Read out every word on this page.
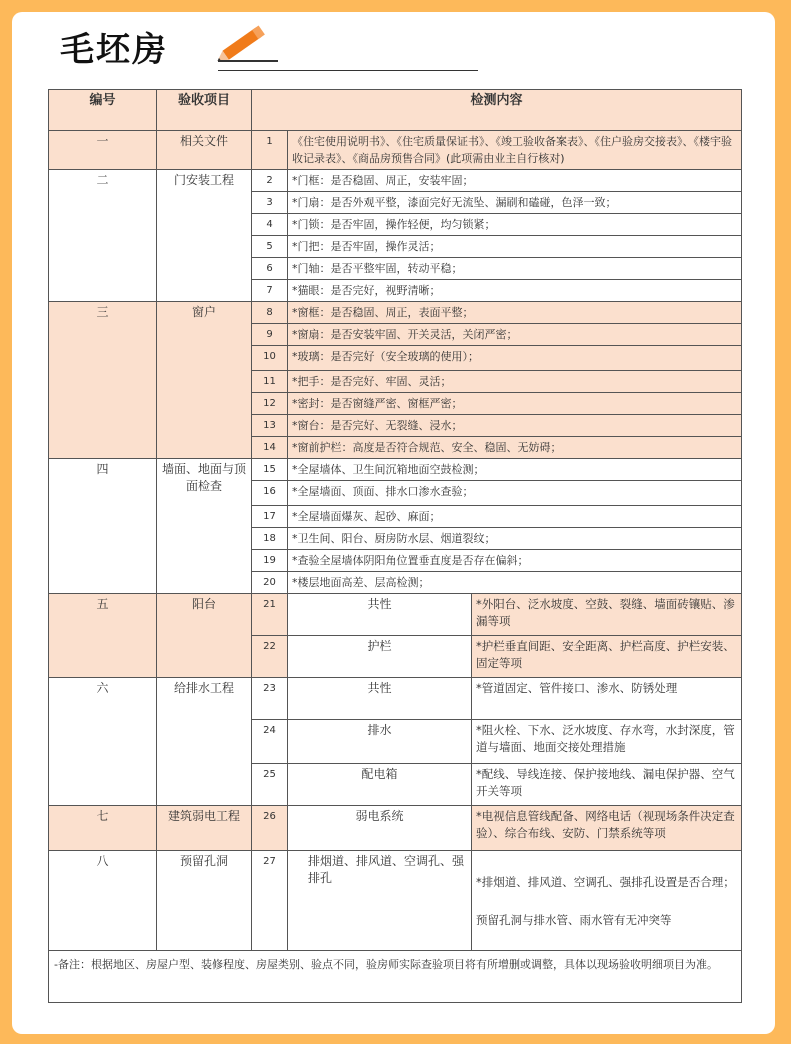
毛坯房
编号	验收项目	检测内容		
一	相关文件	1	《住宅使用说明书》、《住宅质量保证书》、《竣工验收备案表》、《住户验房交接表》、《楼宇验收记录表》、《商品房预售合同》(此项需由业主自行核对)	
二	门安装工程	2	*门框：是否稳固、周正，安装牢固；	
		3	*门扇：是否外观平整，漆面完好无流坠、漏刷和磕碰，色泽一致；	
		4	*门锁：是否牢固，操作轻便，均匀锁紧；	
		5	*门把：是否牢固，操作灵活；	
		6	*门轴：是否平整牢固，转动平稳；	
		7	*猫眼：是否完好，视野清晰；	
三	窗户	8	*窗框：是否稳固、周正，表面平整；	
		9	*窗扇：是否安装牢固、开关灵活，关闭严密；	
		10	*玻璃：是否完好（安全玻璃的使用）；	
		11	*把手：是否完好、牢固、灵活；	
		12	*密封：是否窗缝严密、窗框严密；	
		13	*窗台：是否完好、无裂缝、浸水；	
		14	*窗前护栏：高度是否符合规范、安全、稳固、无妨碍；	
四	墙面、地面与顶面检查	15	*全屋墙体、卫生间沉箱地面空鼓检测；	
		16	*全屋墙面、顶面、排水口渗水查验；	
		17	*全屋墙面爆灰、起砂、麻面；	
		18	*卫生间、阳台、厨房防水层、烟道裂纹；	
		19	*查验全屋墙体阴阳角位置垂直度是否存在偏斜；	
		20	*楼层地面高差、层高检测；	
五	阳台	21	共性	*外阳台、泛水坡度、空鼓、裂缝、墙面砖镶贴、渗漏等项
		22	护栏	*护栏垂直间距、安全距离、护栏高度、护栏安装、固定等项
六	给排水工程	23	共性	*管道固定、管件接口、渗水、防锈处理
		24	排水	*阻火栓、下水、泛水坡度、存水弯，水封深度，管道与墙面、地面交接处理措施
		25	配电箱	*配线、导线连接、保护接地线、漏电保护器、空气开关等项
七	建筑弱电工程	26	弱电系统	*电视信息管线配备、网络电话（视现场条件决定查验）、综合布线、安防、门禁系统等项
八	预留孔洞	27	排烟道、排风道、空调孔、强排孔	*排烟道、排风道、空调孔、强排孔设置是否合理；预留孔洞与排水管、雨水管有无冲突等
-备注：根据地区、房屋户型、装修程度、房屋类别、验点不同，验房师实际查验项目将有所增删或调整，具体以现场验收明细项目为准。				
